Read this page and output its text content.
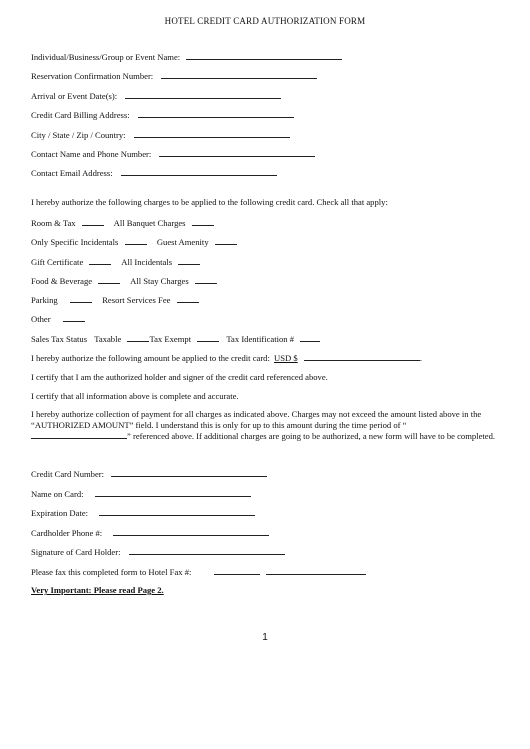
HOTEL CREDIT CARD AUTHORIZATION FORM
Individual/Business/Group or Event Name:
Reservation Confirmation Number:
Arrival or Event Date(s):
Credit Card Billing Address:
City / State / Zip / Country:
Contact Name and Phone Number:
Contact Email Address:
I hereby authorize the following charges to be applied to the following credit card. Check all that apply:
Room & Tax	All Banquet Charges
Only Specific Incidentals	Guest Amenity
Gift Certificate	All Incidentals
Food & Beverage	All Stay Charges
Parking	Resort Services Fee
Other
Sales Tax Status Taxable	Tax Exempt	Tax Identification #
I hereby authorize the following amount be applied to the credit card: USD $	.
I certify that I am the authorized holder and signer of the credit card referenced above.
I certify that all information above is complete and accurate.
I hereby authorize collection of payment for all charges as indicated above. Charges may not exceed the amount listed above in the “AUTHORIZED AMOUNT” field. I understand this is only for up to this amount during the time period of “” referenced above. If additional charges are going to be authorized, a new form will have to be completed.
Credit Card Number:
Name on Card:
Expiration Date:
Cardholder Phone #:
Signature of Card Holder:
Please fax this completed form to Hotel Fax #:
Very Important: Please read Page 2.
1
